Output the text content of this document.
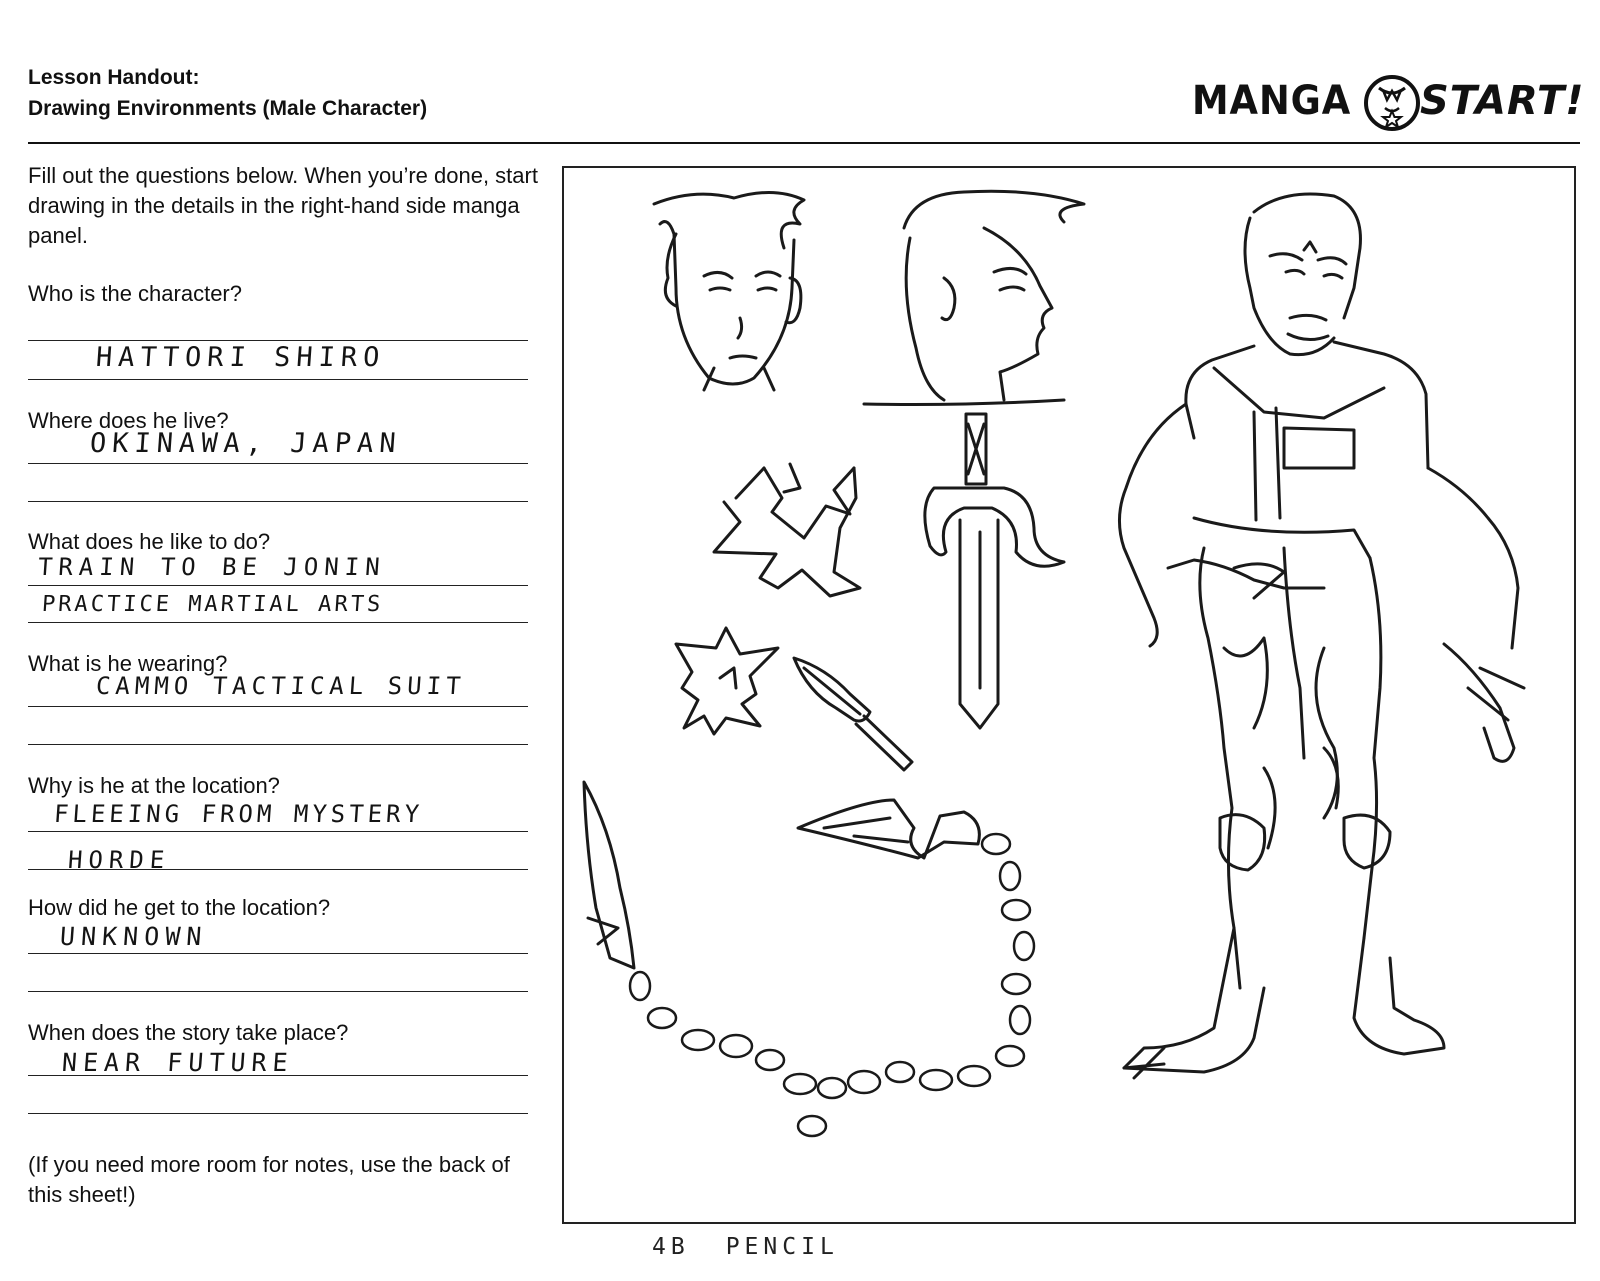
Lesson Handout:
Drawing Environments (Male Character)	MANGA START!
Fill out the questions below. When you’re done, start drawing in the details in the right-hand side manga panel.
Who is the character?
HATTORI SHIRO
Where does he live?
OKINAWA, JAPAN
What does he like to do?
TRAIN TO BE JONIN
PRACTICE MARTIAL ARTS
What is he wearing?
CAMMO TACTICAL SUIT
Why is he at the location?
FLEEING FROM MYSTERY
HORDE
How did he get to the location?
UNKNOWN
When does the story take place?
NEAR FUTURE
(If you need more room for notes, use the back of this sheet!)
4B PENCIL
